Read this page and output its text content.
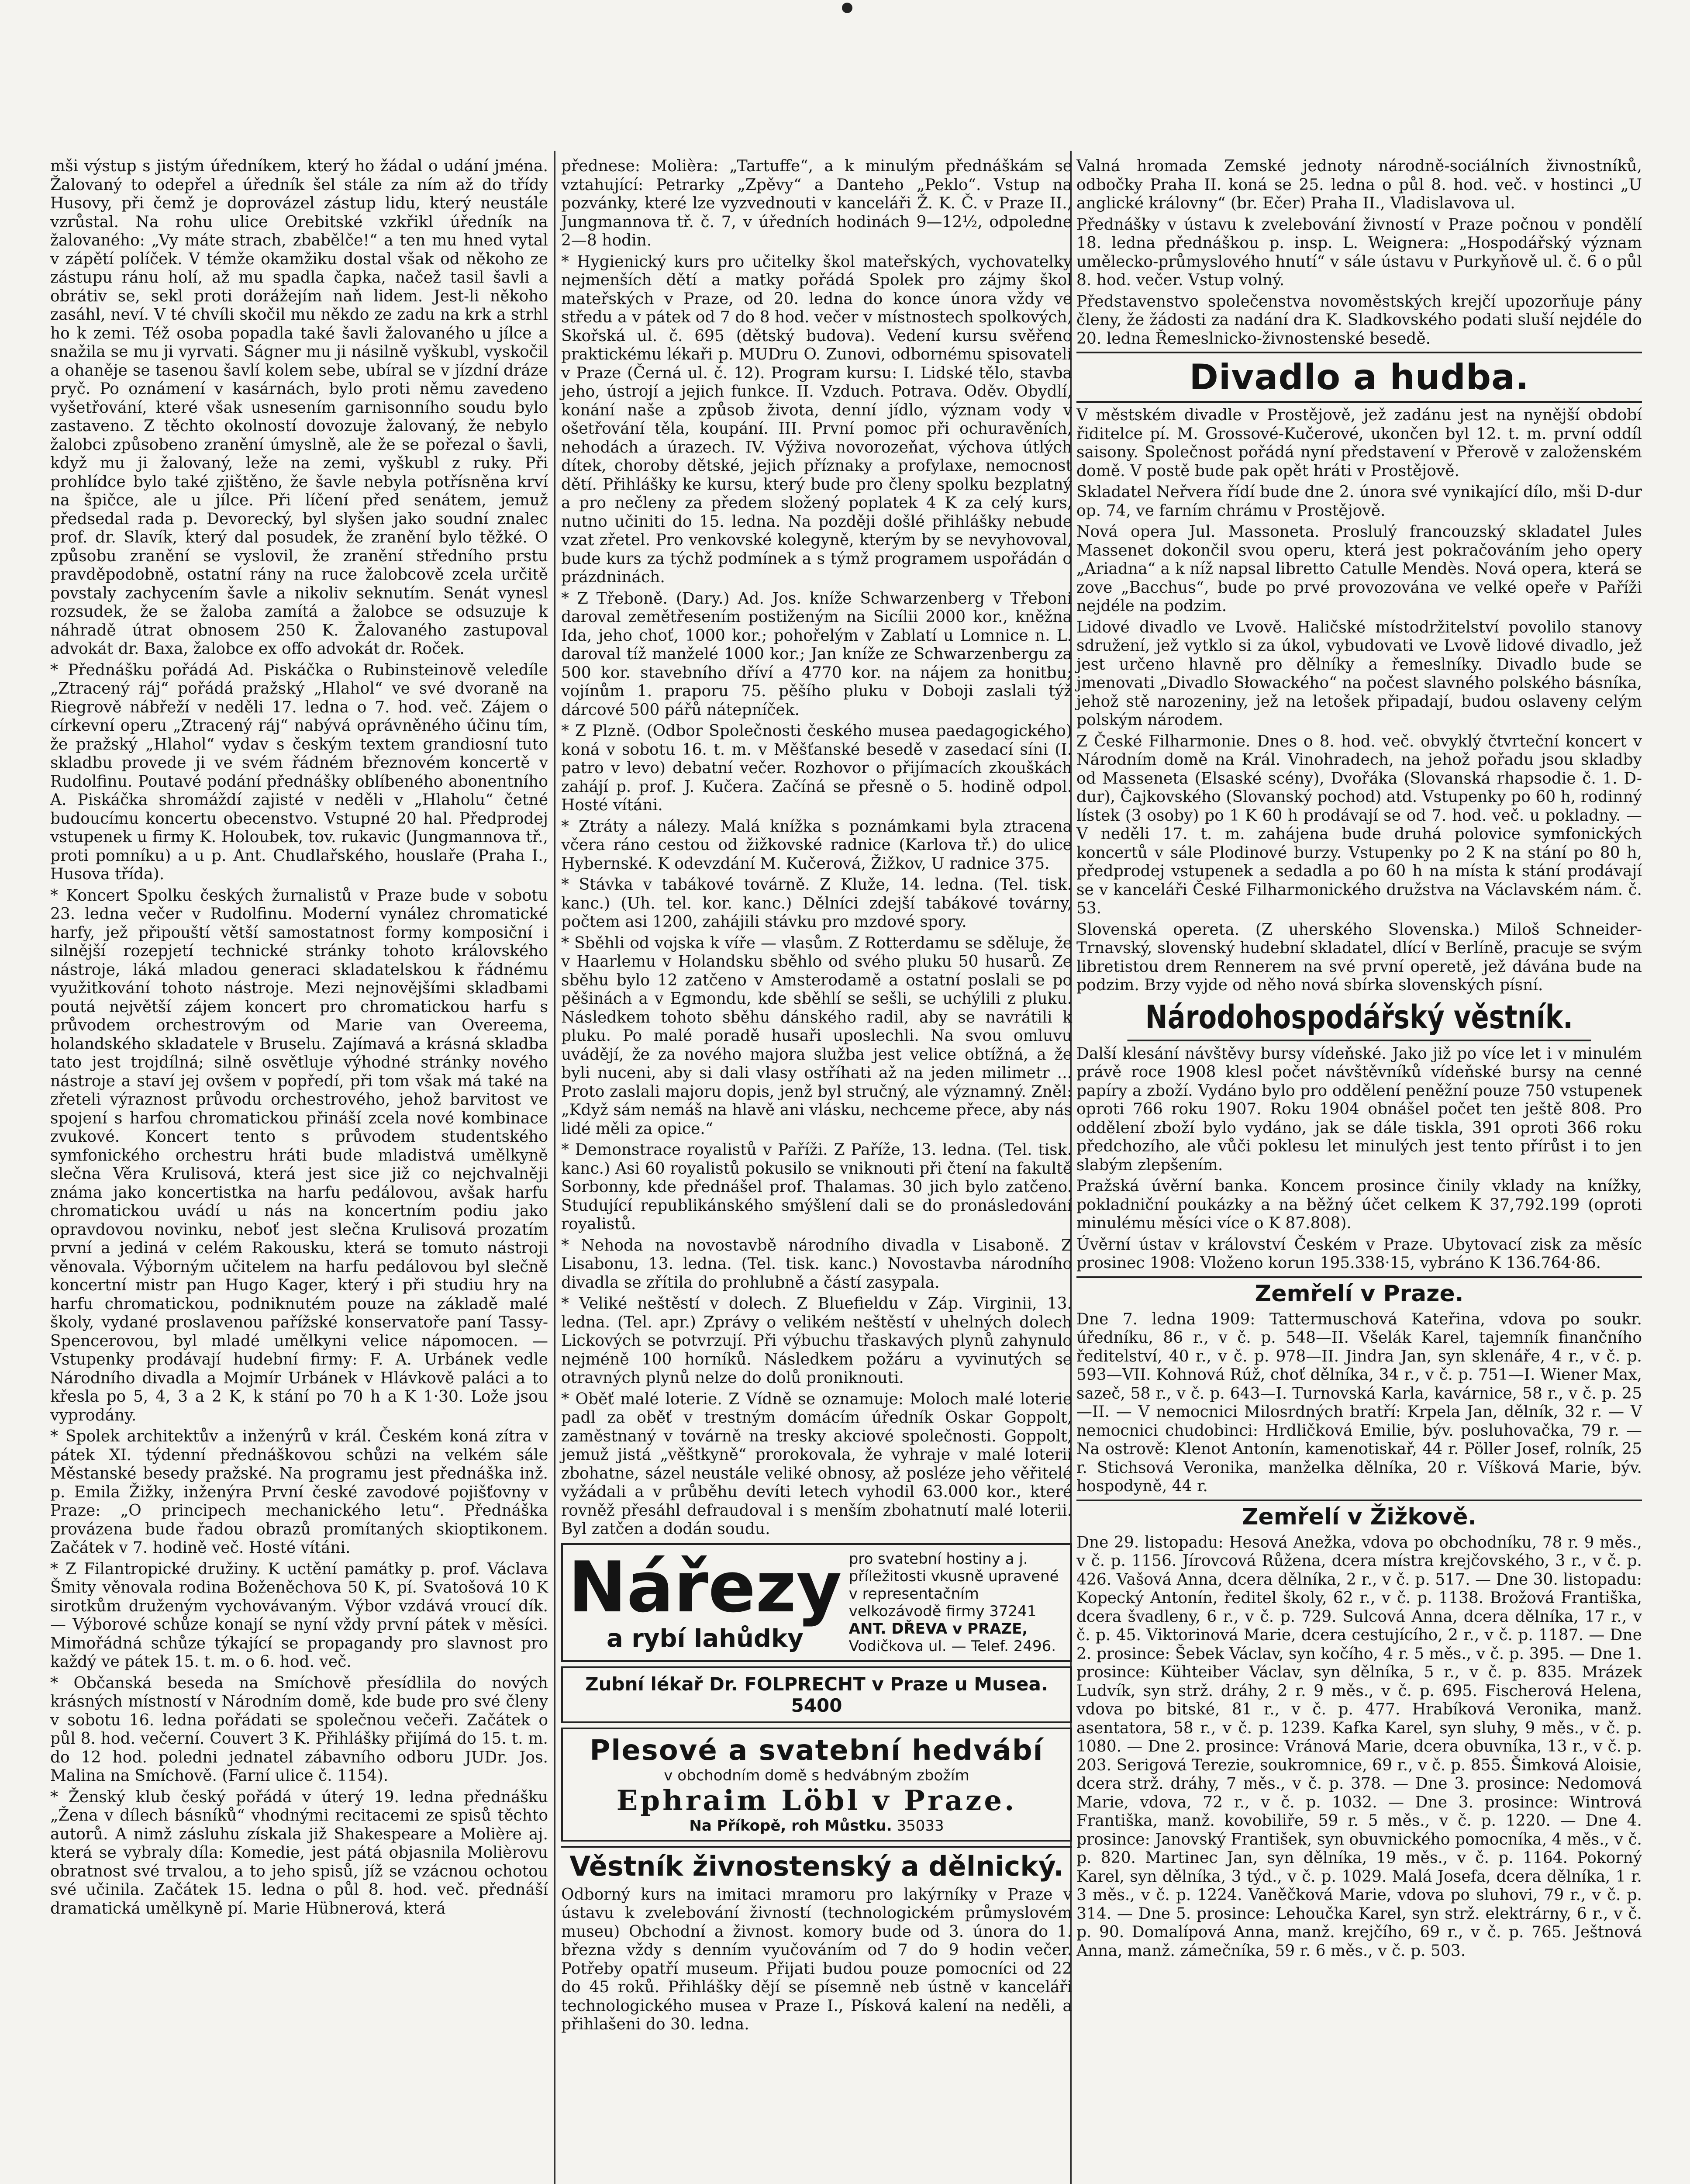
mši výstup s jistým úředníkem, který ho žádal o udání jména. Žalovaný to odepřel a úředník šel stále za ním až do třídy Husovy, při čemž je doprovázel zástup lidu, který neustále vzrůstal. Na rohu ulice Orebitské vzkřikl úředník na žalovaného: „Vy máte strach, zbabělče!“ a ten mu hned vytal v zápětí políček. V témže okamžiku dostal však od někoho ze zástupu ránu holí, až mu spadla čapka, načež tasil šavli a obrátiv se, sekl proti dorážejím naň lidem. Jest-li někoho zasáhl, neví. V té chvíli skočil mu někdo ze zadu na krk a strhl ho k zemi. Též osoba popadla také šavli žalovaného u jílce a snažila se mu ji vyrvati. Ságner mu ji násilně vyškubl, vyskočil a ohaněje se tasenou šavlí kolem sebe, ubíral se v jízdní dráze pryč. Po oznámení v kasárnách, bylo proti němu zavedeno vyšetřování, které však usnesením garnisonního soudu bylo zastaveno. Z těchto okolností dovozuje žalovaný, že nebylo žalobci způsobeno zranění úmyslně, ale že se pořezal o šavli, když mu ji žalovaný, leže na zemi, vyškubl z ruky. Při prohlídce bylo také zjištěno, že šavle nebyla potřísněna krví na špičce, ale u jílce. Při líčení před senátem, jemuž předsedal rada p. Devorecký, byl slyšen jako soudní znalec prof. dr. Slavík, který dal posudek, že zranění bylo těžké. O způsobu zranění se vyslovil, že zranění středního prstu pravděpodobně, ostatní rány na ruce žalobcově zcela určitě povstaly zachycením šavle a nikoliv seknutím. Senát vynesl rozsudek, že se žaloba zamítá a žalobce se odsuzuje k náhradě útrat obnosem 250 K. Žalovaného zastupoval advokát dr. Baxa, žalobce ex offo advokát dr. Roček.

* Přednášku pořádá Ad. Piskáčka o Rubinsteinově veledíle „Ztracený ráj“ pořádá pražský „Hlahol“ ve své dvoraně na Riegrově nábřeží v neděli 17. ledna o 7. hod. več. Zájem o církevní operu „Ztracený ráj“ nabývá oprávněného účinu tím, že pražský „Hlahol“ vydav s českým textem grandiosní tuto skladbu provede ji ve svém řádném březnovém koncertě v Rudolfinu. Poutavé podání přednášky oblíbeného abonentního A. Piskáčka shromáždí zajisté v neděli v „Hlaholu“ četné budoucímu koncertu obecenstvo. Vstupné 20 hal. Předprodej vstupenek u firmy K. Holoubek, tov. rukavic (Jungmannova tř., proti pomníku) a u p. Ant. Chudlařského, houslaře (Praha I., Husova třída).

* Koncert Spolku českých žurnalistů v Praze bude v sobotu 23. ledna večer v Rudolfinu. Moderní vynález chromatické harfy, jež připouští větší samostatnost formy komposiční i silnější rozepjetí technické stránky tohoto královského nástroje, láká mladou generaci skladatelskou k řádnému využitkování tohoto nástroje. Mezi nejnovějšími skladbami poutá největší zájem koncert pro chromatickou harfu s průvodem orchestrovým od Marie van Overeema, holandského skladatele v Bruselu. Zajímavá a krásná skladba tato jest trojdílná; silně osvětluje výhodné stránky nového nástroje a staví jej ovšem v popředí, při tom však má také na zřeteli výraznost průvodu orchestrového, jehož barvitost ve spojení s harfou chromatickou přináší zcela nové kombinace zvukové. Koncert tento s průvodem studentského symfonického orchestru hráti bude mladistvá umělkyně slečna Věra Krulisová, která jest sice již co nejchvalněji známa jako koncertistka na harfu pedálovou, avšak harfu chromatickou uvádí u nás na koncertním podiu jako opravdovou novinku, neboť jest slečna Krulisová prozatím první a jediná v celém Rakousku, která se tomuto nástroji věnovala. Výborným učitelem na harfu pedálovou byl slečně koncertní mistr pan Hugo Kager, který i při studiu hry na harfu chromatickou, podniknutém pouze na základě malé školy, vydané proslavenou pařížské konservatoře paní Tassy-Spencerovou, byl mladé umělkyni velice nápomocen. — Vstupenky prodávají hudební firmy: F. A. Urbánek vedle Národního divadla a Mojmír Urbánek v Hlávkově paláci a to křesla po 5, 4, 3 a 2 K, k stání po 70 h a K 1·30. Lože jsou vyprodány.

* Spolek architektův a inženýrů v král. Českém koná zítra v pátek XI. týdenní přednáškovou schůzi na velkém sále Městanské besedy pražské. Na programu jest přednáška inž. p. Emila Žižky, inženýra První české zavodové pojišťovny v Praze: „O principech mechanického letu“. Přednáška provázena bude řadou obrazů promítaných skioptikonem. Začátek v 7. hodině več. Hosté vítáni.

* Z Filantropické družiny. K uctění památky p. prof. Václava Šmity věnovala rodina Boženěchova 50 K, pí. Svatošová 10 K sirotkům druženým vychovávaným. Výbor vzdává vroucí dík. — Výborové schůze konají se nyní vždy první pátek v měsíci. Mimořádná schůze týkající se propagandy pro slavnost pro každý ve pátek 15. t. m. o 6. hod. več.

* Občanská beseda na Smíchově přesídlila do nových krásných místností v Národním domě, kde bude pro své členy v sobotu 16. ledna pořádati se společnou večeři. Začátek o půl 8. hod. večerní. Couvert 3 K. Přihlášky přijímá do 15. t. m. do 12 hod. poledni jednatel zábavního odboru JUDr. Jos. Malina na Smíchově. (Farní ulice č. 1154).

* Ženský klub český pořádá v úterý 19. ledna přednášku „Žena v dílech básníků“ vhodnými recitacemi ze spisů těchto autorů. A nimž zásluhu získala již Shakespeare a Molière aj. která se vybraly díla: Komedie, jest pátá objasnila Molièrovu obratnost své trvalou, a to jeho spisů, jíž se vzácnou ochotou své učinila. Začátek 15. ledna o půl 8. hod. več. přednáší dramatická umělkyně pí. Marie Hübnerová, která

přednese: Molièra: „Tartuffe“, a k minulým přednáškám se vztahující: Petrarky „Zpěvy“ a Danteho „Peklo“. Vstup na pozvánky, které lze vyzvednouti v kanceláři Ž. K. Č. v Praze II., Jungmannova tř. č. 7, v úředních hodinách 9—12½, odpoledne 2—8 hodin.

* Hygienický kurs pro učitelky škol mateřských, vychovatelky nejmenších dětí a matky pořádá Spolek pro zájmy škol mateřských v Praze, od 20. ledna do konce února vždy ve středu a v pátek od 7 do 8 hod. večer v místnostech spolkových, Skořská ul. č. 695 (dětský budova). Vedení kursu svěřeno praktickému lékaři p. MUDru O. Zunovi, odbornému spisovateli v Praze (Černá ul. č. 12). Program kursu: I. Lidské tělo, stavba jeho, ústrojí a jejich funkce. II. Vzduch. Potrava. Oděv. Obydlí, konání naše a způsob života, denní jídlo, význam vody v ošetřování těla, koupání. III. První pomoc při ochuravěních, nehodách a úrazech. IV. Výživa novorozeňat, výchova útlých dítek, choroby dětské, jejich příznaky a profylaxe, nemocnost dětí. Přihlášky ke kursu, který bude pro členy spolku bezplatný a pro nečleny za předem složený poplatek 4 K za celý kurs, nutno učiniti do 15. ledna. Na později došlé přihlášky nebude vzat zřetel. Pro venkovské kolegyně, kterým by se nevyhovoval, bude kurs za týchž podmínek a s týmž programem uspořádán o prázdninách.

* Z Třeboně. (Dary.) Ad. Jos. kníže Schwarzenberg v Třeboni daroval zemětřesením postiženým na Sicílii 2000 kor., kněžna Ida, jeho choť, 1000 kor.; pohořelým v Zablatí u Lomnice n. L. daroval tíž manželé 1000 kor.; Jan kníže ze Schwarzenbergu za 500 kor. stavebního dříví a 4770 kor. na nájem za honitbu; vojínům 1. praporu 75. pěšího pluku v Doboji zaslali týž dárcové 500 pářů nátepníček.

* Z Plzně. (Odbor Společnosti českého musea paedagogického) koná v sobotu 16. t. m. v Měšťanské besedě v zasedací síni (I. patro v levo) debatní večer. Rozhovor o přijímacích zkouškách zahájí p. prof. J. Kučera. Začíná se přesně o 5. hodině odpol. Hosté vítáni.

* Ztráty a nálezy. Malá knížka s poznámkami byla ztracena včera ráno cestou od žižkovské radnice (Karlova tř.) do ulice Hybernské. K odevzdání M. Kučerová, Žižkov, U radnice 375.

* Stávka v tabákové továrně. Z Kluže, 14. ledna. (Tel. tisk. kanc.) (Uh. tel. kor. kanc.) Dělníci zdejší tabákové továrny, počtem asi 1200, zahájili stávku pro mzdové spory.

* Sběhli od vojska k víře — vlasům. Z Rotterdamu se sděluje, že v Haarlemu v Holandsku sběhlo od svého pluku 50 husarů. Ze sběhu bylo 12 zatčeno v Amsterodamě a ostatní poslali se po pěšinách a v Egmondu, kde sběhlí se sešli, se uchýlili z pluku. Následkem tohoto sběhu dánského radil, aby se navrátili k pluku. Po malé poradě husaři uposlechli. Na svou omluvu uvádějí, že za nového majora služba jest velice obtížná, a že byli nuceni, aby si dali vlasy ostříhati až na jeden milimetr ... Proto zaslali majoru dopis, jenž byl stručný, ale významný. Zněl: „Když sám nemáš na hlavě ani vlásku, nechceme přece, aby nás lidé měli za opice.“

* Demonstrace royalistů v Paříži. Z Paříže, 13. ledna. (Tel. tisk. kanc.) Asi 60 royalistů pokusilo se vniknouti při čtení na fakultě Sorbonny, kde přednášel prof. Thalamas. 30 jich bylo zatčeno. Studující republikánského smýšlení dali se do pronásledování royalistů.

* Nehoda na novostavbě národního divadla v Lisaboně. Z Lisabonu, 13. ledna. (Tel. tisk. kanc.) Novostavba národního divadla se zřítila do prohlubně a částí zasypala.

* Veliké neštěstí v dolech. Z Bluefieldu v Záp. Virginii, 13. ledna. (Tel. apr.) Zprávy o velikém neštěstí v uhelných dolech Lickových se potvrzují. Při výbuchu třaskavých plynů zahynulo nejméně 100 horníků. Následkem požáru a vyvinutých se otravných plynů nelze do dolů proniknouti.

* Oběť malé loterie. Z Vídně se oznamuje: Moloch malé loterie padl za oběť v trestným domácím úředník Oskar Goppolt, zaměstnaný v továrně na tresky akciové společnosti. Goppolt, jemuž jistá „věštkyně“ prorokovala, že vyhraje v malé loterii zbohatne, sázel neustále veliké obnosy, až posléze jeho věřitelé vyžádali a v průběhu devíti letech vyhodil 63.000 kor., které rovněž přesáhl defraudoval i s menším zbohatnutí malé loterii. Byl zatčen a dodán soudu.

Nářezy
a rybí lahůdky
pro svatební hostiny a j. příležitosti vkusně upravené v representačním velkozávodě firmy 37241
ANT. DŘEVA v PRAZE,
Vodičkova ul. — Telef. 2496.
Zubní lékař Dr. FOLPRECHT v Praze u Musea. 5400
Plesové a svatební hedvábí
v obchodním domě s hedvábným zbožím
Ephraim Löbl v Praze.
Na Příkopě, roh Můstku. 35033
Věstník živnostenský a dělnický.

Odborný kurs na imitaci mramoru pro lakýrníky v Praze v ústavu k zvelebování živností (technologickém průmyslovém museu) Obchodní a živnost. komory bude od 3. února do 1. března vždy s denním vyučováním od 7 do 9 hodin večer. Potřeby opatří museum. Přijati budou pouze pomocníci od 22 do 45 roků. Přihlášky dějí se písemně neb ústně v kanceláři technologického musea v Praze I., Písková kalení na neděli, a přihlašeni do 30. ledna.

Valná hromada Zemské jednoty národně-sociálních živnostníků, odbočky Praha II. koná se 25. ledna o půl 8. hod. več. v hostinci „U anglické královny“ (br. Ečer) Praha II., Vladislavova ul.

Přednášky v ústavu k zvelebování živností v Praze počnou v pondělí 18. ledna přednáškou p. insp. L. Weignera: „Hospodářský význam umělecko-průmyslového hnutí“ v sále ústavu v Purkyňově ul. č. 6 o půl 8. hod. večer. Vstup volný.

Představenstvo společenstva novoměstských krejčí upozorňuje pány členy, že žádosti za nadání dra K. Sladkovského podati sluší nejdéle do 20. ledna Řemeslnicko-živnostenské besedě.

Divadlo a hudba.

V městském divadle v Prostějově, jež zadánu jest na nynější období řiditelce pí. M. Grossové-Kučerové, ukončen byl 12. t. m. první oddíl saisony. Společnost pořádá nyní představení v Přerově v založenském domě. V postě bude pak opět hráti v Prostějově.

Skladatel Neřvera řídí bude dne 2. února své vynikající dílo, mši D-dur op. 74, ve farním chrámu v Prostějově.

Nová opera Jul. Massoneta. Proslulý francouzský skladatel Jules Massenet dokončil svou operu, která jest pokračováním jeho opery „Ariadna“ a k níž napsal libretto Catulle Mendès. Nová opera, která se zove „Bacchus“, bude po prvé provozována ve velké opeře v Paříži nejdéle na podzim.

Lidové divadlo ve Lvově. Haličské místodržitelství povolilo stanovy sdružení, jež vytklo si za úkol, vybudovati ve Lvově lidové divadlo, jež jest určeno hlavně pro dělníky a řemeslníky. Divadlo bude se jmenovati „Divadlo Słowackého“ na počest slavného polského básníka, jehož stě narozeniny, jež na letošek připadají, budou oslaveny celým polským národem.

Z České Filharmonie. Dnes o 8. hod. več. obvyklý čtvrteční koncert v Národním domě na Král. Vinohradech, na jehož pořadu jsou skladby od Masseneta (Elsaské scény), Dvořáka (Slovanská rhapsodie č. 1. D-dur), Čajkovského (Slovanský pochod) atd. Vstupenky po 60 h, rodinný lístek (3 osoby) po 1 K 60 h prodávají se od 7. hod. več. u pokladny. — V neděli 17. t. m. zahájena bude druhá polovice symfonických koncertů v sále Plodinové burzy. Vstupenky po 2 K na stání po 80 h, předprodej vstupenek a sedadla a po 60 h na místa k stání prodávají se v kanceláři České Filharmonického družstva na Václavském nám. č. 53.

Slovenská opereta. (Z uherského Slovenska.) Miloš Schneider-Trnavský, slovenský hudební skladatel, dlící v Berlíně, pracuje se svým libretistou drem Rennerem na své první operetě, jež dávána bude na podzim. Brzy vyjde od něho nová sbírka slovenských písní.

Národohospodářský věstník.

Další klesání návštěvy bursy vídeňské. Jako již po více let i v minulém právě roce 1908 klesl počet návštěvníků vídeňské bursy na cenné papíry a zboží. Vydáno bylo pro oddělení peněžní pouze 750 vstupenek oproti 766 roku 1907. Roku 1904 obnášel počet ten ještě 808. Pro oddělení zboží bylo vydáno, jak se dále tiskla, 391 oproti 366 roku předchozího, ale vůči poklesu let minulých jest tento přírůst i to jen slabým zlepšením.

Pražská úvěrní banka. Koncem prosince činily vklady na knížky, pokladniční poukázky a na běžný účet celkem K 37,792.199 (oproti minulému měsíci více o K 87.808).

Úvěrní ústav v království Českém v Praze. Ubytovací zisk za měsíc prosinec 1908: Vloženo korun 195.338·15, vybráno K 136.764·86.

Zemřelí v Praze.

Dne 7. ledna 1909: Tattermuschová Kateřina, vdova po soukr. úředníku, 86 r., v č. p. 548—II. Všelák Karel, tajemník finančního ředitelství, 40 r., v č. p. 978—II. Jindra Jan, syn sklenáře, 4 r., v č. p. 593—VII. Kohnová Rúž, choť dělníka, 34 r., v č. p. 751—I. Wiener Max, sazeč, 58 r., v č. p. 643—I. Turnovská Karla, kavárnice, 58 r., v č. p. 25—II. — V nemocnici Milosrdných bratří: Krpela Jan, dělník, 32 r. — V nemocnici chudobinci: Hrdličková Emilie, býv. posluhovačka, 79 r. — Na ostrově: Klenot Antonín, kamenotiskař, 44 r. Pöller Josef, rolník, 25 r. Stichsová Veronika, manželka dělníka, 20 r. Víšková Marie, býv. hospodyně, 44 r.

Zemřelí v Žižkově.

Dne 29. listopadu: Hesová Anežka, vdova po obchodníku, 78 r. 9 měs., v č. p. 1156. Jírovcová Růžena, dcera místra krejčovského, 3 r., v č. p. 426. Vašová Anna, dcera dělníka, 2 r., v č. p. 517. — Dne 30. listopadu: Kopecký Antonín, ředitel školy, 62 r., v č. p. 1138. Brožová Františka, dcera švadleny, 6 r., v č. p. 729. Sulcová Anna, dcera dělníka, 17 r., v č. p. 45. Viktorinová Marie, dcera cestujícího, 2 r., v č. p. 1187. — Dne 2. prosince: Šebek Václav, syn kočího, 4 r. 5 měs., v č. p. 395. — Dne 1. prosince: Kühteiber Václav, syn dělníka, 5 r., v č. p. 835. Mrázek Ludvík, syn strž. dráhy, 2 r. 9 měs., v č. p. 695. Fischerová Helena, vdova po bitské, 81 r., v č. p. 477. Hrabíková Veronika, manž. asentatora, 58 r., v č. p. 1239. Kafka Karel, syn sluhy, 9 měs., v č. p. 1080. — Dne 2. prosince: Vránová Marie, dcera obuvníka, 13 r., v č. p. 203. Serigová Terezie, soukromnice, 69 r., v č. p. 855. Šimková Aloisie, dcera strž. dráhy, 7 měs., v č. p. 378. — Dne 3. prosince: Nedomová Marie, vdova, 72 r., v č. p. 1032. — Dne 3. prosince: Wintrová Františka, manž. kovobiliře, 59 r. 5 měs., v č. p. 1220. — Dne 4. prosince: Janovský František, syn obuvnického pomocníka, 4 měs., v č. p. 820. Martinec Jan, syn dělníka, 19 měs., v č. p. 1164. Pokorný Karel, syn dělníka, 3 týd., v č. p. 1029. Malá Josefa, dcera dělníka, 1 r. 3 měs., v č. p. 1224. Vaněčková Marie, vdova po sluhovi, 79 r., v č. p. 314. — Dne 5. prosince: Lehoučka Karel, syn strž. elektrárny, 6 r., v č. p. 90. Domalípová Anna, manž. krejčího, 69 r., v č. p. 765. Ještnová Anna, manž. zámečníka, 59 r. 6 měs., v č. p. 503.
